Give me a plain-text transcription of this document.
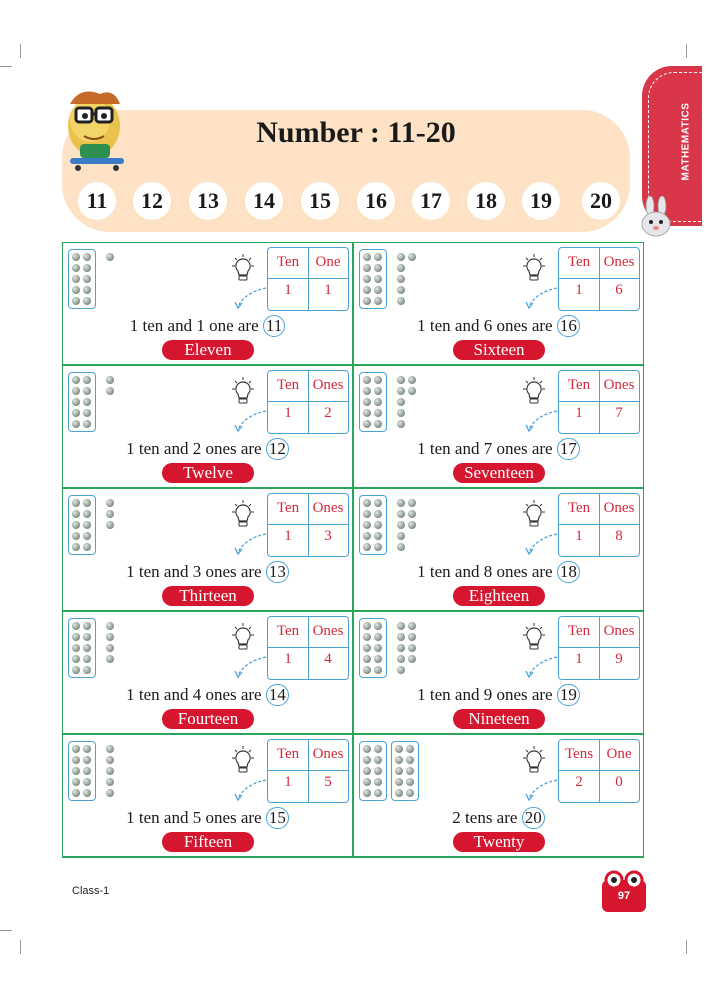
Number : 11-20
11	12	13	14	15	16	17	18	19	20
MATHEMATICS
Ten	One
1	1
1 ten and 1 one are 11
Eleven
Ten Ones
1	6
1 ten and 6 ones are 16
Sixteen
Ten Ones
1	2
1 ten and 2 ones are 12
Twelve
Ten Ones
1	7
1 ten and 7 ones are 17
Seventeen
Ten Ones
1	3
1 ten and 3 ones are 13
Thirteen
Ten Ones
1	8
1 ten and 8 ones are 18
Eighteen
Ten Ones
1	4
1 ten and 4 ones are 14
Fourteen
Ten Ones
1	9
1 ten and 9 ones are 19
Nineteen
Ten Ones
1	5
1 ten and 5 ones are 15
Fifteen
Tens One
2	0
2 tens are 20
Twenty
Class-1	97
